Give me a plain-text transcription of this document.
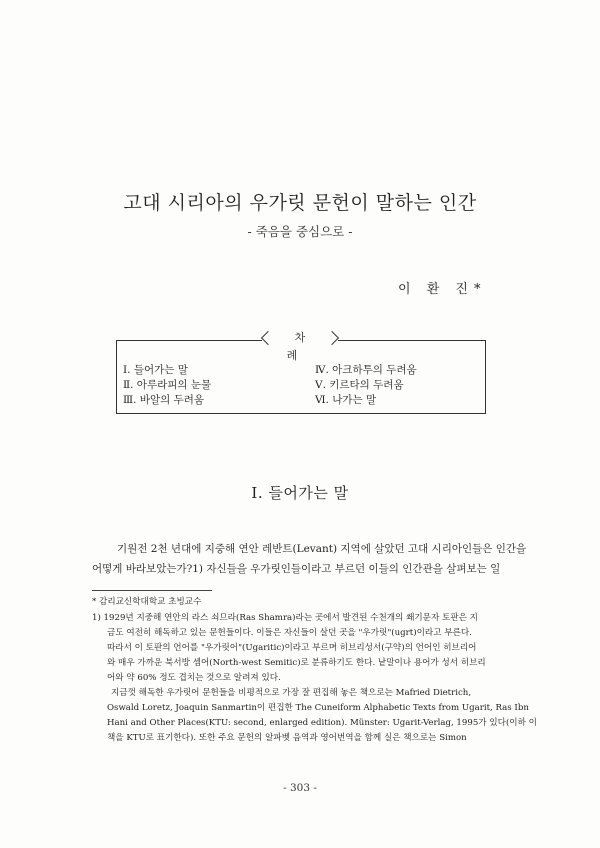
고대 시리아의 우가릿 문헌이 말하는 인간
- 죽음을 중심으로 -
이 환 진*
Ⅰ. 들어가는 말
Ⅱ. 아루라피의 눈물
Ⅲ. 바알의 두려움
Ⅳ. 아크하투의 두려움
Ⅴ. 키르타의 두려움
Ⅵ. 나가는 말
차 례
Ⅰ. 들어가는 말
기원전 2천 년대에 지중해 연안 레반트(Levant) 지역에 살았던 고대 시리아인들은 인간을
어떻게 바라보았는가?1) 자신들을 우가릿인들이라고 부르던 이들의 인간관을 살펴보는 일
* 감리교신학대학교 초빙교수
1) 1929년 지중해 연안의 라스 쇠므라(Ras Shamra)라는 곳에서 발견된 수천개의 쐐기문자 토판은 지
금도 여전히 해독하고 있는 문헌들이다. 이들은 자신들이 살던 곳을 "우가릿"(ugrt)이라고 부른다.
따라서 이 토판의 언어를 "우가릿어"(Ugaritic)이라고 부르며 히브리성서(구약)의 언어인 히브리어
와 매우 가까운 북서방 셈어(North-west Semitic)로 분류하기도 한다. 낱말이나 용어가 성서 히브리
어와 약 60% 정도 겹치는 것으로 알려져 있다.
지금껏 해독한 우가릿어 문헌들을 비평적으로 가장 잘 편집해 놓은 책으로는 Mafried Dietrich,
Oswald Loretz, Joaquin Sanmartin이 편집한 The Cuneiform Alphabetic Texts from Ugarit, Ras Ibn
Hani and Other Places(KTU: second, enlarged edition). Münster: Ugarit-Verlag, 1995가 있다(이하 이
책을 KTU로 표기한다). 또한 주요 문헌의 알파벳 음역과 영어번역을 함께 실은 책으로는 Simon
- 303 -
